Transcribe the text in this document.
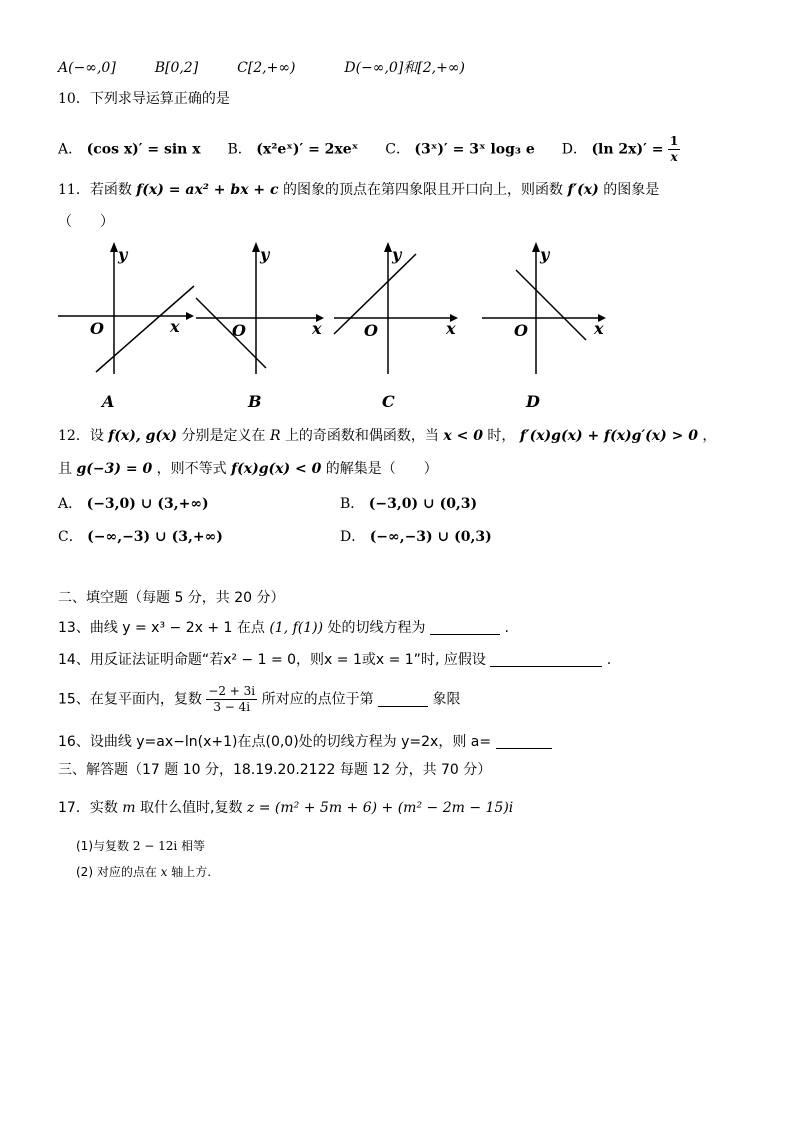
A(−∞,0]	B[0,2]	C[2,+∞)	D(−∞,0]和[2,+∞)
10．下列求导运算正确的是
A． (cos x)′ = sin x B． (x²eˣ)′ = 2xeˣ C． (3ˣ)′ = 3ˣ log₃ e D． (ln $2x)' = \frac{1}{x}$
11．若函数 f(x) = ax² + bx + c 的图象的顶点在第四象限且开口向上，则函数 f′(x) 的图象是
（　　）
y
x
O
y
x
O
y
x
O
y
x
O
A	B	C	D
12．设 f(x), g(x) 分别是定义在 R 上的奇函数和偶函数，当 x < 0 时， f′(x)g(x) + f(x)g′(x) > 0 ，
且 g(−3) = 0 ，则不等式 f(x)g(x) < 0 的解集是（　　）
A． (−3,0) ∪ (3,+∞)	B． (−3,0) ∪ (0,3)
C． (−∞,−3) ∪ (3,+∞)	D． (−∞,−3) ∪ (0,3)
二、填空题（每题 5 分，共 20 分）
13、曲线 y = x³ − 2x + 1 在点 (1, f(1)) 处的切线方程为	.
14、用反证法证明命题“若x² − 1 = 0，则x = 1或x = 1”时, 应假设	.
15、在复平面内，复数 $\frac{-2 + 3i}{3 - 4i}$ 所对应的点位于第	象限
16、设曲线 y=ax−ln(x+1)在点(0,0)处的切线方程为 y=2x，则 a=
三、解答题（17 题 10 分，18.19.20.2122 每题 12 分，共 70 分）
17．实数 m 取什么值时,复数 z = (m² + 5m + 6) + (m² − 2m − 15)i
(1)与复数 2 − 12i 相等
(2) 对应的点在 x 轴上方.
